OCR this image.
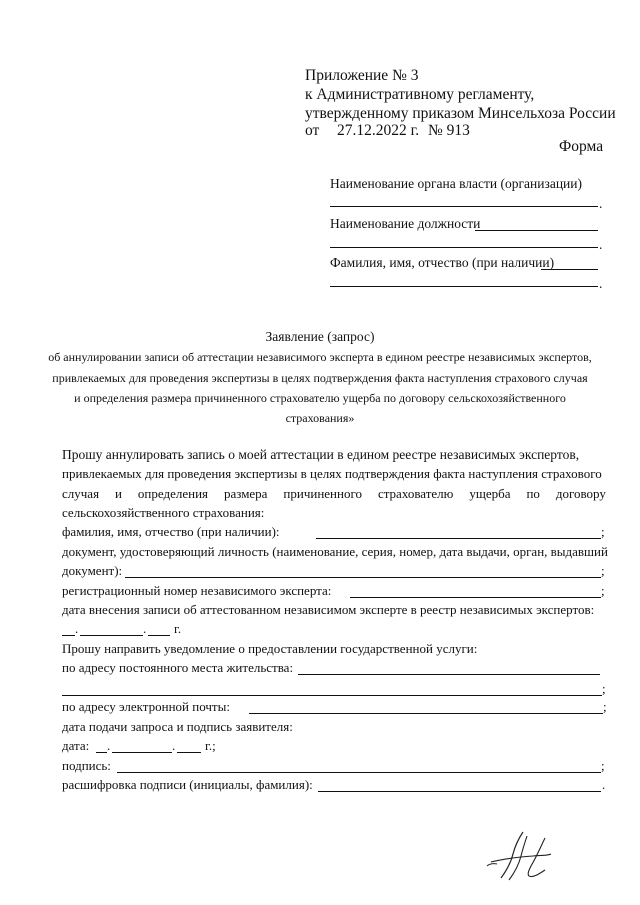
Приложение № 3
к Административному регламенту,
утвержденному приказом Минсельхоза России
от 27.12.2022 г. № 913
Форма
Наименование органа власти (организации)
.
Наименование должности
.
Фамилия, имя, отчество (при наличии)
.
Заявление (запрос)
об аннулировании записи об аттестации независимого эксперта в едином реестре независимых экспертов,
привлекаемых для проведения экспертизы в целях подтверждения факта наступления страхового случая
и определения размера причиненного страхователю ущерба по договору сельскохозяйственного
страхования»
Прошу аннулировать запись о моей аттестации в едином реестре независимых экспертов,
привлекаемых для проведения экспертизы в целях подтверждения факта наступления страхового
случая и определения размера причиненного страхователю ущерба по договору
сельскохозяйственного страхования:
фамилия, имя, отчество (при наличии):	;
документ, удостоверяющий личность (наименование, серия, номер, дата выдачи, орган, выдавший
документ):	;
регистрационный номер независимого эксперта:	;
дата внесения записи об аттестованном независимом эксперте в реестр независимых экспертов:
.	. г.
Прошу направить уведомление о предоставлении государственной услуги:
по адресу постоянного места жительства:
;
по адресу электронной почты:	;
дата подачи запроса и подпись заявителя:
дата: .	. г.;
подпись:	;
расшифровка подписи (инициалы, фамилия):	.
